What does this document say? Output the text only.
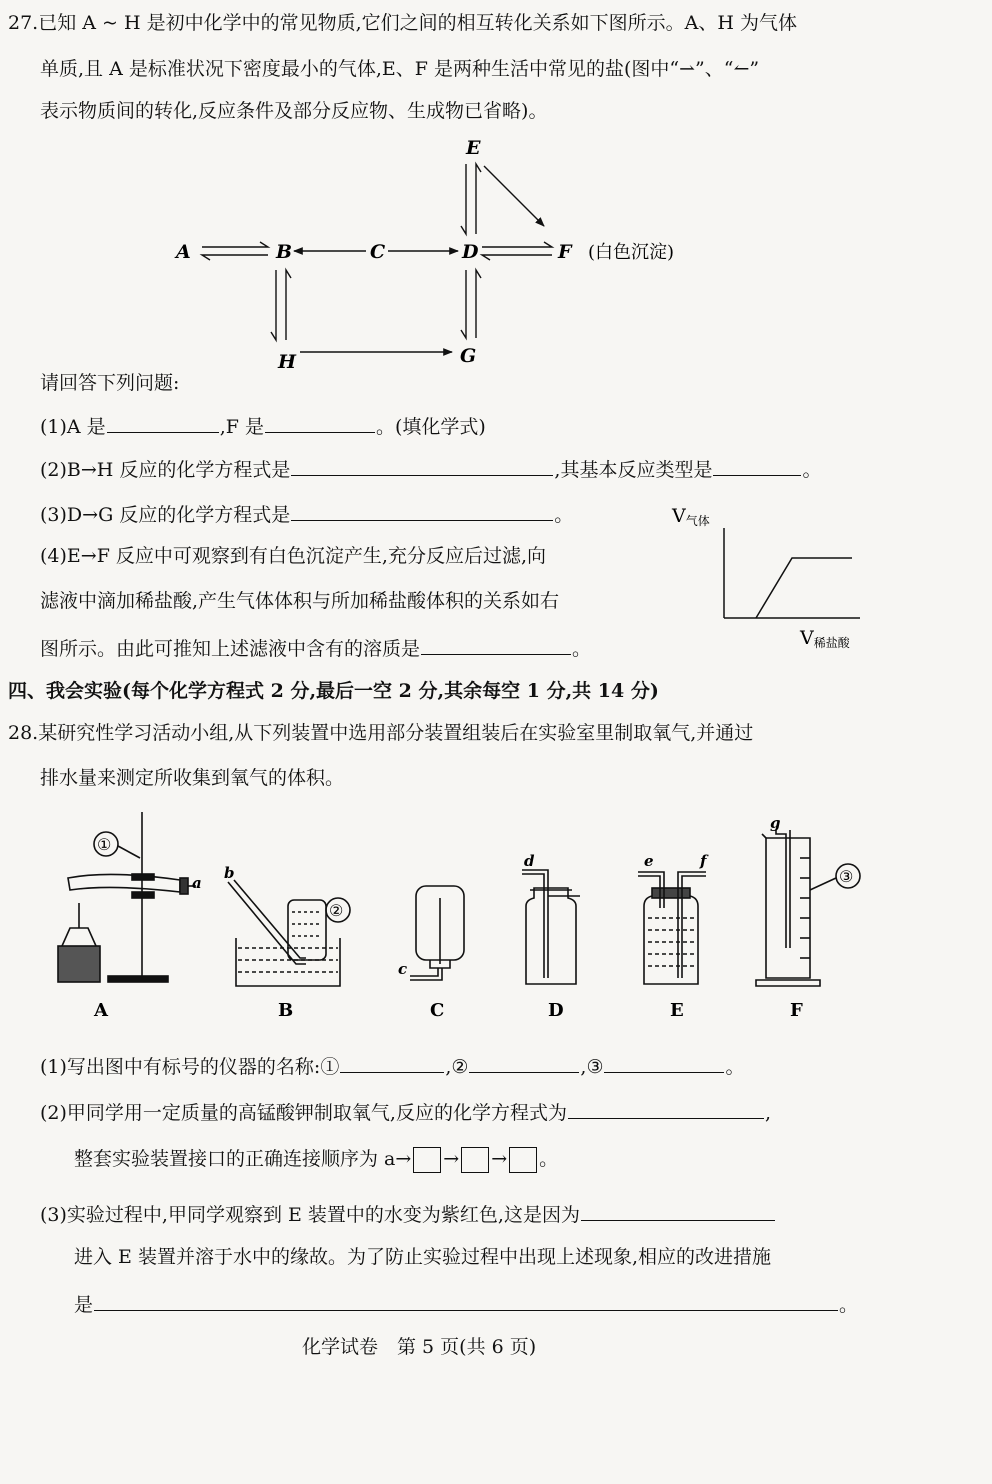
27.已知 A ~ H 是初中化学中的常见物质,它们之间的相互转化关系如下图所示。A、H 为气体
单质,且 A 是标准状况下密度最小的气体,E、F 是两种生活中常见的盐(图中“⇀”、“↼”
表示物质间的转化,反应条件及部分反应物、生成物已省略)。
E
A	B	C	D	F (白色沉淀)
H	G
请回答下列问题:
(1)A 是	,F 是	。(填化学式)
(2)B→H 反应的化学方程式是	,其基本反应类型是	。
(3)D→G 反应的化学方程式是	。
(4)E→F 反应中可观察到有白色沉淀产生,充分反应后过滤,向
滤液中滴加稀盐酸,产生气体体积与所加稀盐酸体积的关系如右
图所示。由此可推知上述滤液中含有的溶质是	。
V气体
V稀盐酸
四、我会实验(每个化学方程式 2 分,最后一空 2 分,其余每空 1 分,共 14 分)
28.某研究性学习活动小组,从下列装置中选用部分装置组装后在实验室里制取氧气,并通过
排水量来测定所收集到氧气的体积。
①
a
A
b
②
B
c
C
d
D
e	f
E
g
③
F
(1)写出图中有标号的仪器的名称:①	,②	,③	。
(2)甲同学用一定质量的高锰酸钾制取氧气,反应的化学方程式为	,
整套实验装置接口的正确连接顺序为 a→ → → 。
(3)实验过程中,甲同学观察到 E 装置中的水变为紫红色,这是因为
进入 E 装置并溶于水中的缘故。为了防止实验过程中出现上述现象,相应的改进措施
是	。
化学试卷　第 5 页(共 6 页)
